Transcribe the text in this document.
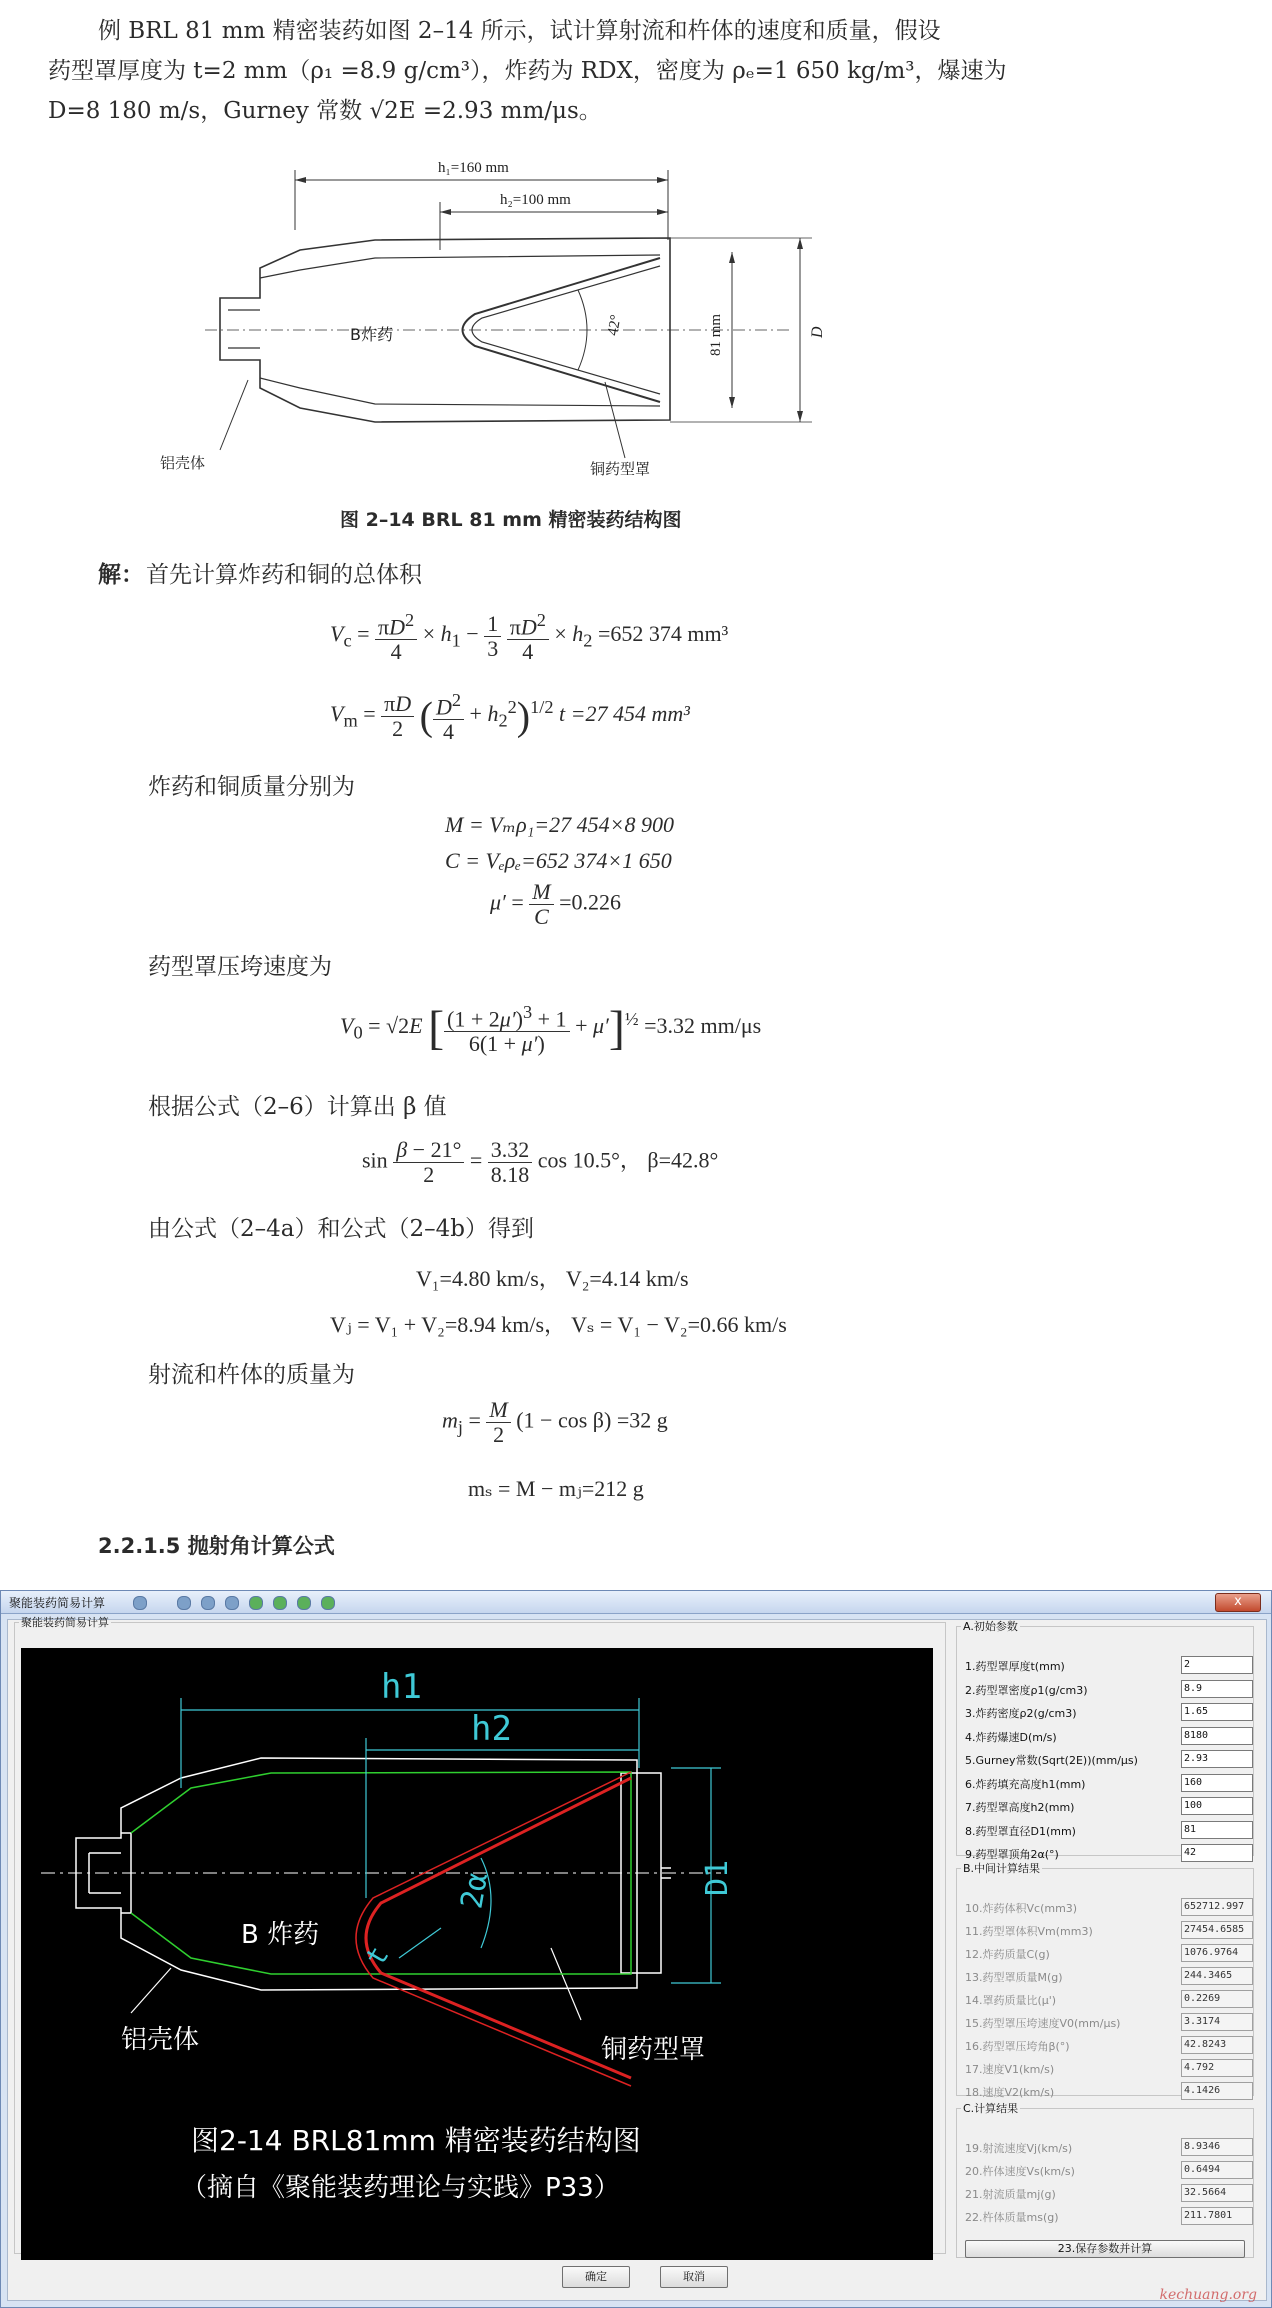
例 BRL 81 mm 精密装药如图 2–14 所示，试计算射流和杵体的速度和质量，假设
药型罩厚度为 t=2 mm（ρ₁ =8.9 g/cm³），炸药为 RDX，密度为 ρₑ=1 650 kg/m³，爆速为
D=8 180 m/s，Gurney 常数 √2E =2.93 mm/μs。
h₁=160 mm
h₂=100 mm
42°	81 mm	D
B炸药
铝壳体	铜药型罩
图 2–14 BRL 81 mm 精密装药结构图
解： 首先计算炸药和铜的总体积
$V_c = \frac{\pi D^2}{4} \times h_1 - \frac{1}{3}$
$\frac{\pi D^2}{4} \times h_2 =652$ 374 mm³
$V_m = \frac{\pi D}{2}$ ( $\frac{D^2}{4} + h_2^2)^{1/2}$ t =27 454 mm³
炸药和铜质量分别为
M = Vₘρ₁=27 454×8 900
C = Vₑρₑ=652 374×1 650
$\mu' = \frac{M}{C} =0.226$
药型罩压垮速度为
$V_0 = √2E$ [ $\frac{(1 + 2\mu')^3 + 1}{6(1 + \mu')} + \mu']^{\frac{1}{2}} =3.32$ mm/μs
根据公式（2–6）计算出 β 值
$\sin \frac{\beta - 21^\circ}{2} = \frac{3.32}{8.18}$ cos 10.5°， β=42.8°
由公式（2–4a）和公式（2–4b）得到
V₁=4.80 km/s， V₂=4.14 km/s
Vⱼ = V₁ + V₂=8.94 km/s， Vₛ = V₁ − V₂=0.66 km/s
射流和杵体的质量为
$m_j = \frac{M}{2} (1 - \cos \beta) =32$ g
mₛ = M − mⱼ=212 g
2.2.1.5 抛射角计算公式
聚能装药简易计算	x
聚能装药简易计算
h1
h2
D1
2α
t
B 炸药
铝壳体	铜药型罩
图2-14 BRL81mm 精密装药结构图
（摘自《聚能装药理论与实践》P33）
A.初始参数
1.药型罩厚度t(mm)	2
2.药型罩密度ρ1(g/cm3)	8.9
3.炸药密度ρ2(g/cm3)	1.65
4.炸药爆速D(m/s)	8180
5.Gurney常数(Sqrt(2E))(mm/μs)	2.93
6.炸药填充高度h1(mm)	160
7.药型罩高度h2(mm)	100
8.药型罩直径D1(mm)	81
9.药型罩顶角2α(°)	42
B.中间计算结果
10.炸药体积Vc(mm3)	652712.997
11.药型罩体积Vm(mm3)	27454.6585
12.炸药质量C(g)	1076.9764
13.药型罩质量M(g)	244.3465
14.罩药质量比(μ')	0.2269
15.药型罩压垮速度V0(mm/μs)	3.3174
16.药型罩压垮角β(°)	42.8243
17.速度V1(km/s)	4.792
18.速度V2(km/s)	4.1426
C.计算结果
19.射流速度Vj(km/s)	8.9346
20.杵体速度Vs(km/s)	0.6494
21.射流质量mj(g)	32.5664
22.杵体质量ms(g)	211.7801
23.保存参数并计算
确定	取消
kechuang.org
